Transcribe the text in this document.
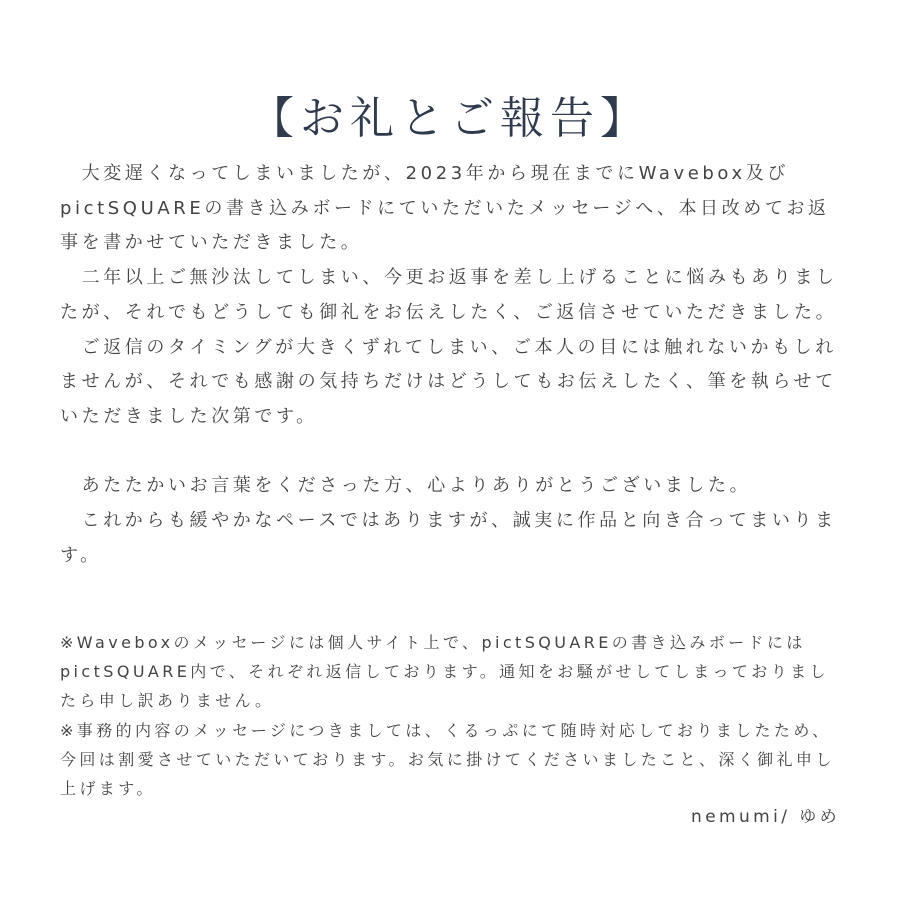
【お礼とご報告】

大変遅くなってしまいましたが、2023年から現在までにWavebox及びpictSQUAREの書き込みボードにていただいたメッセージへ、本日改めてお返事を書かせていただきました。

二年以上ご無沙汰してしまい、今更お返事を差し上げることに悩みもありましたが、それでもどうしても御礼をお伝えしたく、ご返信させていただきました。

ご返信のタイミングが大きくずれてしまい、ご本人の目には触れないかもしれませんが、それでも感謝の気持ちだけはどうしてもお伝えしたく、筆を執らせていただきました次第です。

あたたかいお言葉をくださった方、心よりありがとうございました。

これからも緩やかなペースではありますが、誠実に作品と向き合ってまいります。

※Waveboxのメッセージには個人サイト上で、pictSQUAREの書き込みボードにはpictSQUARE内で、それぞれ返信しております。通知をお騒がせしてしまっておりましたら申し訳ありません。

※事務的内容のメッセージにつきましては、くるっぷにて随時対応しておりましたため、今回は割愛させていただいております。お気に掛けてくださいましたこと、深く御礼申し上げます。

nemumi/ ゆめ
